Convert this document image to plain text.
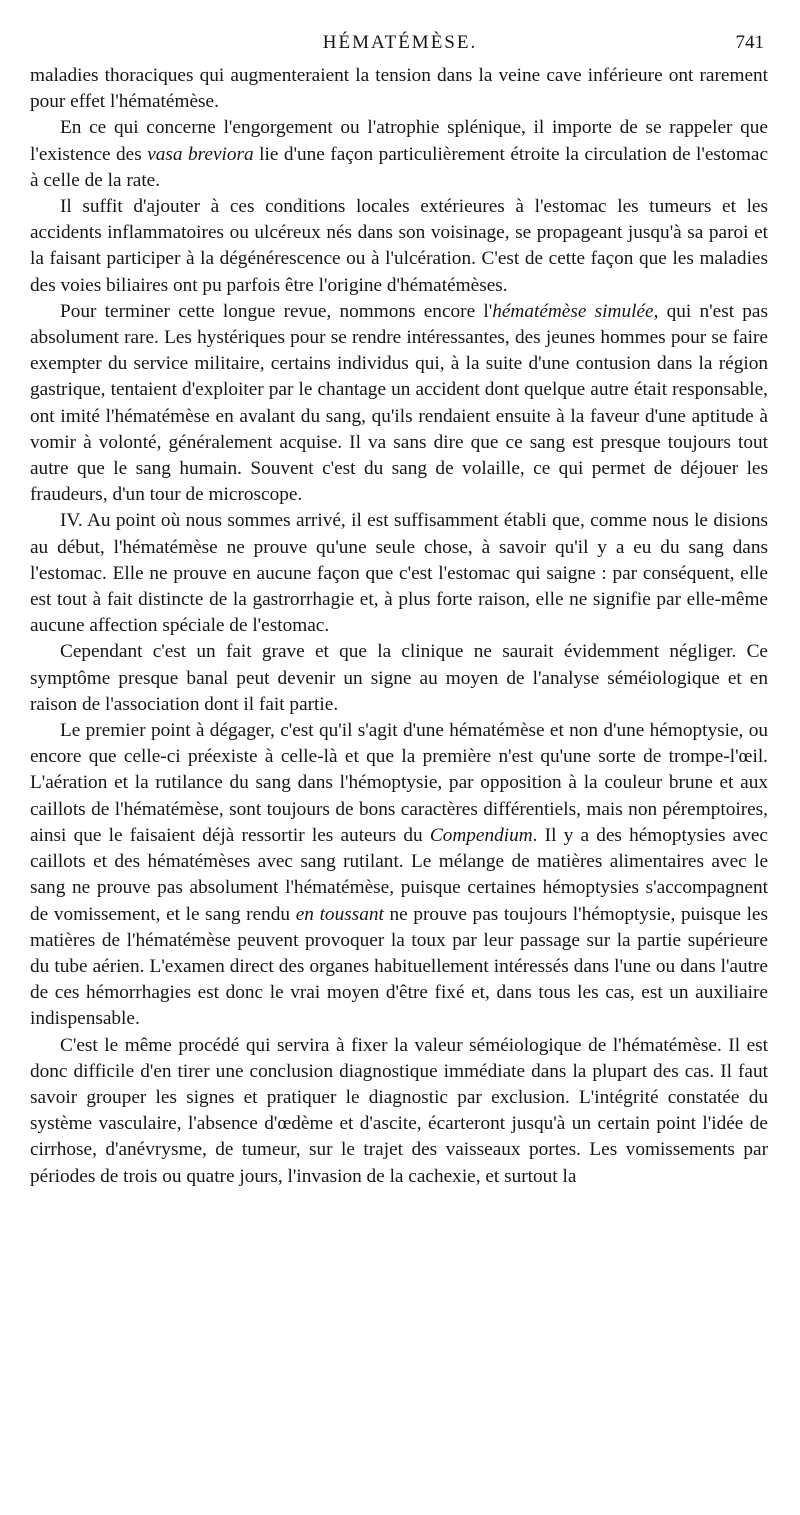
HÉMATÉMÈSE.	741

maladies thoraciques qui augmenteraient la tension dans la veine cave inférieure ont rarement pour effet l'hématémèse.

En ce qui concerne l'engorgement ou l'atrophie splénique, il importe de se rappeler que l'existence des vasa breviora lie d'une façon particulièrement étroite la circulation de l'estomac à celle de la rate.

Il suffit d'ajouter à ces conditions locales extérieures à l'estomac les tumeurs et les accidents inflammatoires ou ulcéreux nés dans son voisinage, se propageant jusqu'à sa paroi et la faisant participer à la dégénérescence ou à l'ulcération. C'est de cette façon que les maladies des voies biliaires ont pu parfois être l'origine d'hématémèses.

Pour terminer cette longue revue, nommons encore l'hématémèse simulée, qui n'est pas absolument rare. Les hystériques pour se rendre intéressantes, des jeunes hommes pour se faire exempter du service militaire, certains individus qui, à la suite d'une contusion dans la région gastrique, tentaient d'exploiter par le chantage un accident dont quelque autre était responsable, ont imité l'hématémèse en avalant du sang, qu'ils rendaient ensuite à la faveur d'une aptitude à vomir à volonté, généralement acquise. Il va sans dire que ce sang est presque toujours tout autre que le sang humain. Souvent c'est du sang de volaille, ce qui permet de déjouer les fraudeurs, d'un tour de microscope.

IV. Au point où nous sommes arrivé, il est suffisamment établi que, comme nous le disions au début, l'hématémèse ne prouve qu'une seule chose, à savoir qu'il y a eu du sang dans l'estomac. Elle ne prouve en aucune façon que c'est l'estomac qui saigne : par conséquent, elle est tout à fait distincte de la gastrorrhagie et, à plus forte raison, elle ne signifie par elle-même aucune affection spéciale de l'estomac.

Cependant c'est un fait grave et que la clinique ne saurait évidemment négliger. Ce symptôme presque banal peut devenir un signe au moyen de l'analyse séméiologique et en raison de l'association dont il fait partie.

Le premier point à dégager, c'est qu'il s'agit d'une hématémèse et non d'une hémoptysie, ou encore que celle-ci préexiste à celle-là et que la première n'est qu'une sorte de trompe-l'œil. L'aération et la rutilance du sang dans l'hémoptysie, par opposition à la couleur brune et aux caillots de l'hématémèse, sont toujours de bons caractères différentiels, mais non péremptoires, ainsi que le faisaient déjà ressortir les auteurs du Compendium. Il y a des hémoptysies avec caillots et des hématémèses avec sang rutilant. Le mélange de matières alimentaires avec le sang ne prouve pas absolument l'hématémèse, puisque certaines hémoptysies s'accompagnent de vomissement, et le sang rendu en toussant ne prouve pas toujours l'hémoptysie, puisque les matières de l'hématémèse peuvent provoquer la toux par leur passage sur la partie supérieure du tube aérien. L'examen direct des organes habituellement intéressés dans l'une ou dans l'autre de ces hémorrhagies est donc le vrai moyen d'être fixé et, dans tous les cas, est un auxiliaire indispensable.

C'est le même procédé qui servira à fixer la valeur séméiologique de l'hématémèse. Il est donc difficile d'en tirer une conclusion diagnostique immédiate dans la plupart des cas. Il faut savoir grouper les signes et pratiquer le diagnostic par exclusion. L'intégrité constatée du système vasculaire, l'absence d'œdème et d'ascite, écarteront jusqu'à un certain point l'idée de cirrhose, d'anévrysme, de tumeur, sur le trajet des vaisseaux portes. Les vomissements par périodes de trois ou quatre jours, l'invasion de la cachexie, et surtout la
